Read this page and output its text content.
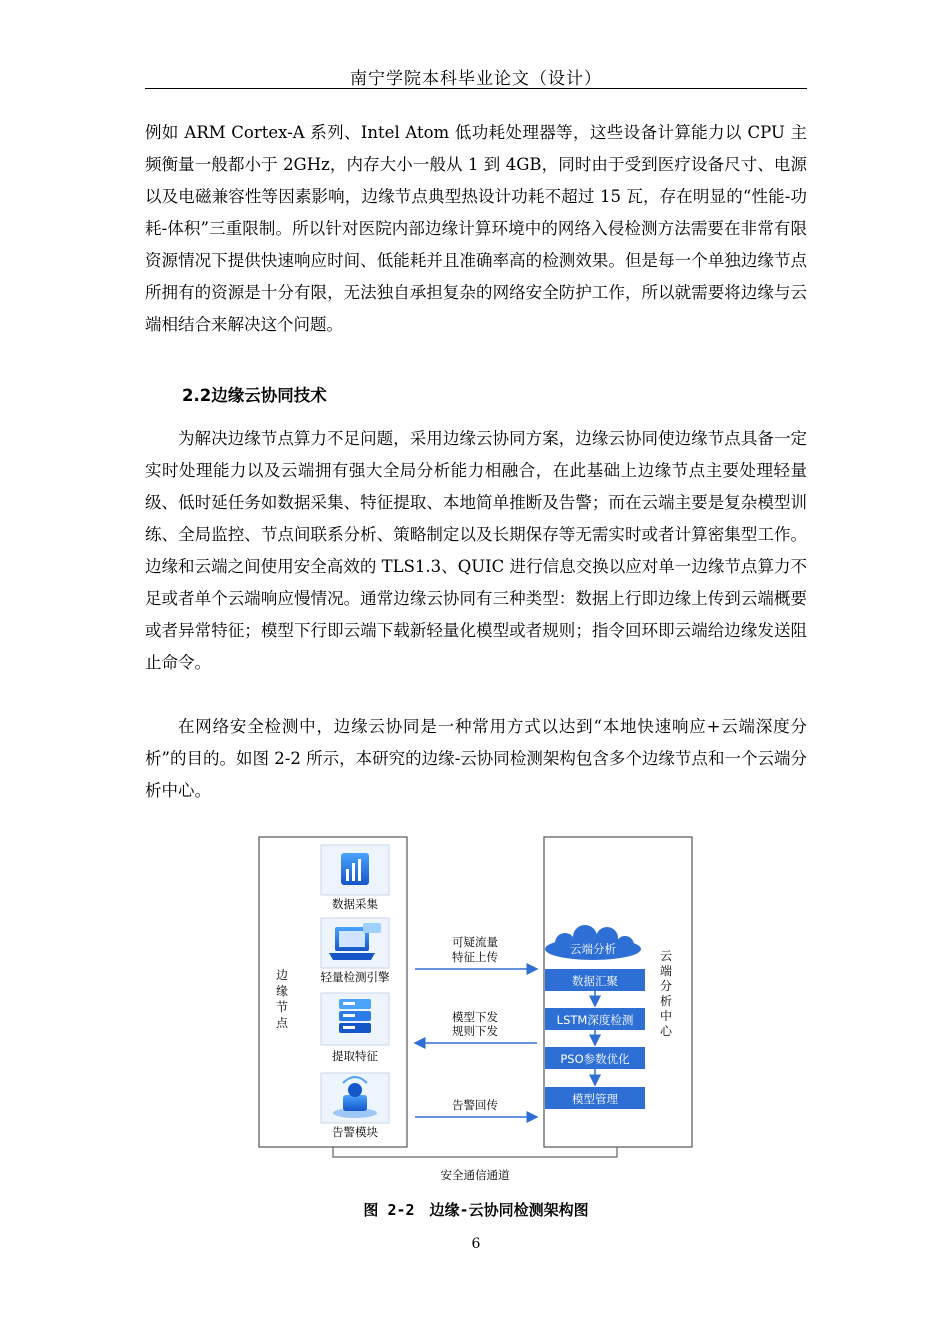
南宁学院本科毕业论文（设计）
例如 ARM Cortex-A 系列、Intel Atom 低功耗处理器等，这些设备计算能力以 CPU 主频衡量一般都小于 2GHz，内存大小一般从 1 到 4GB，同时由于受到医疗设备尺寸、电源以及电磁兼容性等因素影响，边缘节点典型热设计功耗不超过 15 瓦，存在明显的“性能-功耗-体积”三重限制。所以针对医院内部边缘计算环境中的网络入侵检测方法需要在非常有限资源情况下提供快速响应时间、低能耗并且准确率高的检测效果。但是每一个单独边缘节点所拥有的资源是十分有限，无法独自承担复杂的网络安全防护工作，所以就需要将边缘与云端相结合来解决这个问题。
2.2边缘云协同技术
为解决边缘节点算力不足问题，采用边缘云协同方案，边缘云协同使边缘节点具备一定实时处理能力以及云端拥有强大全局分析能力相融合，在此基础上边缘节点主要处理轻量级、低时延任务如数据采集、特征提取、本地简单推断及告警；而在云端主要是复杂模型训练、全局监控、节点间联系分析、策略制定以及长期保存等无需实时或者计算密集型工作。边缘和云端之间使用安全高效的 TLS1.3、QUIC 进行信息交换以应对单一边缘节点算力不足或者单个云端响应慢情况。通常边缘云协同有三种类型：数据上行即边缘上传到云端概要或者异常特征；模型下行即云端下载新轻量化模型或者规则；指令回环即云端给边缘发送阻止命令。
在网络安全检测中，边缘云协同是一种常用方式以达到“本地快速响应+云端深度分析”的目的。如图 2-2 所示，本研究的边缘-云协同检测架构包含多个边缘节点和一个云端分析中心。
边
缘
节
点
数据采集
轻量检测引擎
提取特征
告警模块
云
端
分
析
中
心
云端分析
数据汇聚
LSTM深度检测
PSO参数优化
模型管理
可疑流量
特征上传
模型下发
规则下发
告警回传
安全通信通道
图 2-2　边缘-云协同检测架构图
6
